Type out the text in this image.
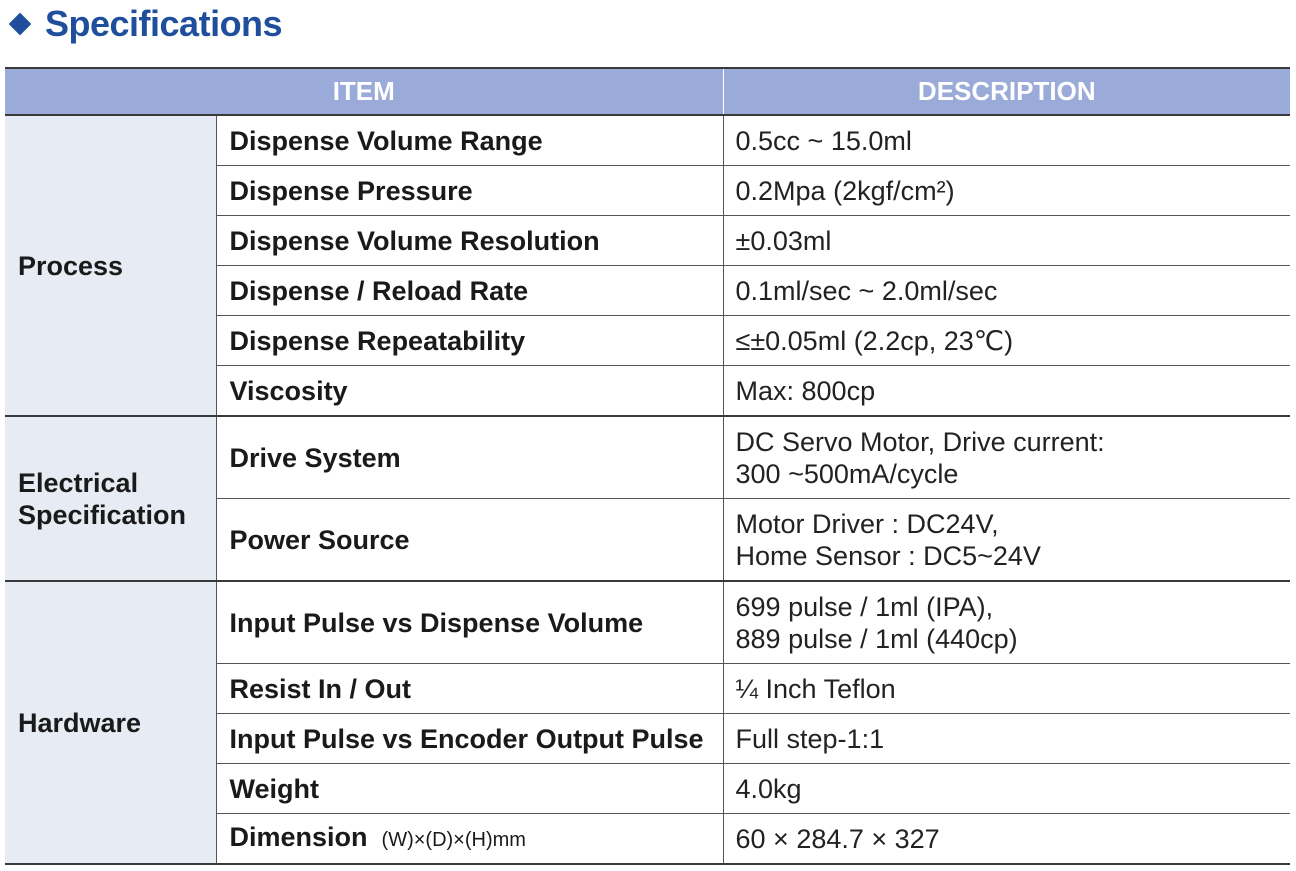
Specifications
ITEM		DESCRIPTION
Process	Dispense Volume Range	0.5cc ~ 15.0ml
	Dispense Pressure	0.2Mpa (2kgf/cm²)
	Dispense Volume Resolution	±0.03ml
	Dispense / Reload Rate	0.1ml/sec ~ 2.0ml/sec
	Dispense Repeatability	≤±0.05ml (2.2cp, 23℃)
	Viscosity	Max: 800cp

Electrical
Specification	Drive System	DC Servo Motor, Drive current:
300 ~500mA/cycle

	Power Source	Motor Driver : DC24V,
Home Sensor : DC5~24V

Hardware	Input Pulse vs Dispense Volume	699 pulse / 1ml (IPA),
889 pulse / 1ml (440cp)

	Resist In / Out	¼ Inch Teflon
	Input Pulse vs Encoder Output Pulse	Full step-1:1
	Weight	4.0kg
	Dimension (W)×(D)×(H)mm	60 × 284.7 × 327
